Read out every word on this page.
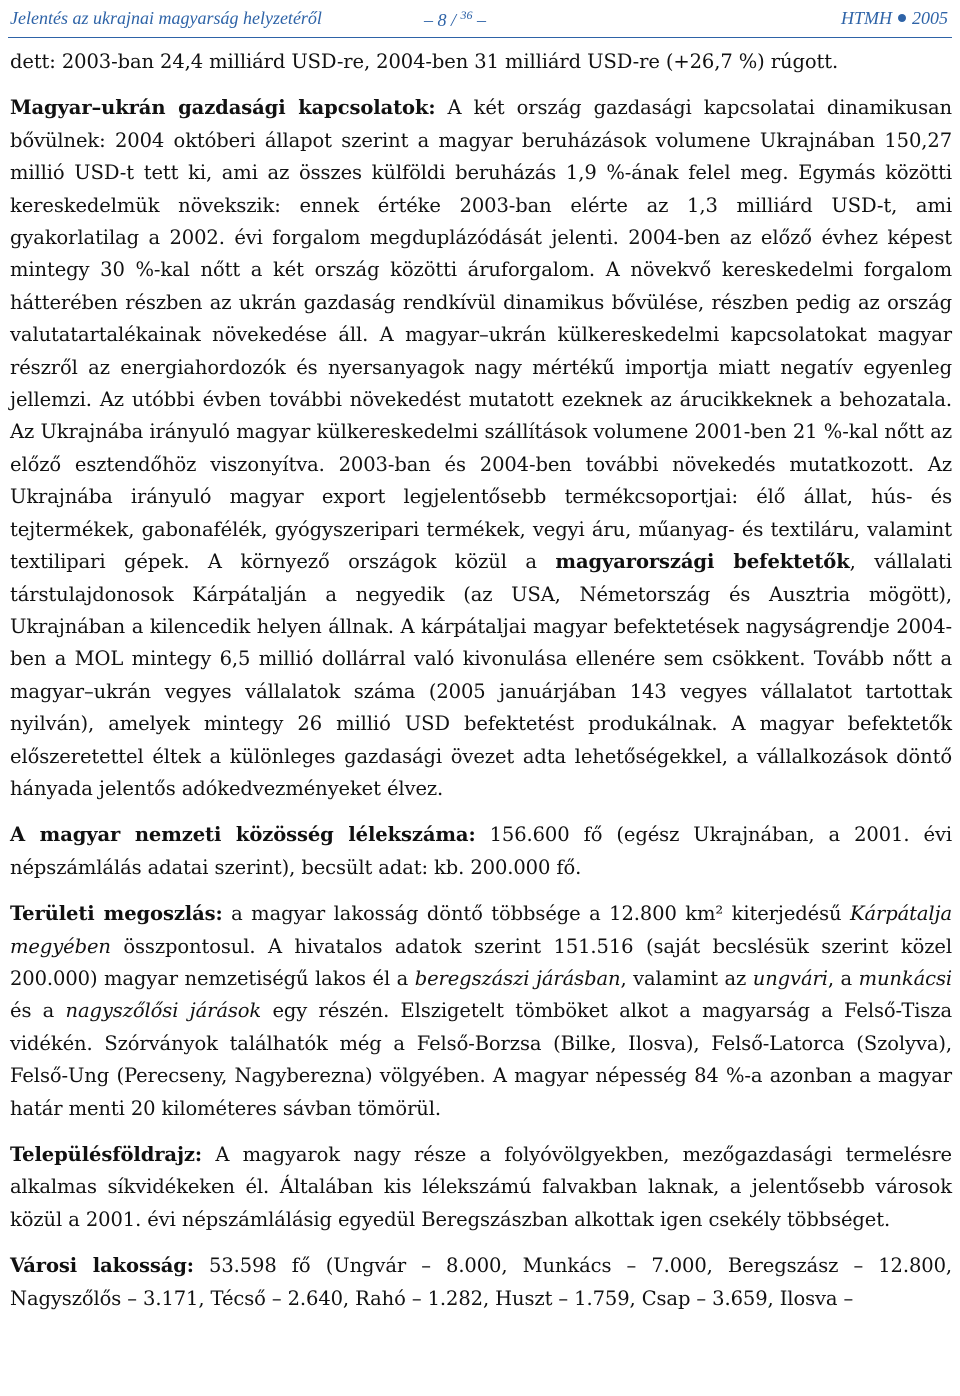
Jelentés az ukrajnai magyarság helyzetéről	– 8 / $^{36}$ –	HTMH 2005

dett: 2003-ban 24,4 milliárd USD-re, 2004-ben 31 milliárd USD-re (+26,7 %) rúgott.

Magyar–ukrán gazdasági kapcsolatok: A két ország gazdasági kapcsolatai dinamikusan bővülnek: 2004 októberi állapot szerint a magyar beruházások volumene Ukrajnában 150,27 millió USD-t tett ki, ami az összes külföldi beruházás 1,9 %-ának felel meg. Egymás közötti kereskedelmük növekszik: ennek értéke 2003-ban elérte az 1,3 milliárd USD-t, ami gyakorlatilag a 2002. évi forgalom megduplázódását jelenti. 2004-ben az előző évhez képest mintegy 30 %-kal nőtt a két ország közötti áruforgalom. A növekvő kereskedelmi forgalom hátterében részben az ukrán gazdaság rendkívül dinamikus bővülése, részben pedig az ország valutatartalékainak növekedése áll. A magyar–ukrán külkereskedelmi kapcsolatokat magyar részről az energiahordozók és nyersanyagok nagy mértékű importja miatt negatív egyenleg jellemzi. Az utóbbi évben további növekedést mutatott ezeknek az árucikkeknek a behozatala. Az Ukrajnába irányuló magyar külkereskedelmi szállítások volumene 2001-ben 21 %-kal nőtt az előző esztendőhöz viszonyítva. 2003-ban és 2004-ben további növekedés mutatkozott. Az Ukrajnába irányuló magyar export legjelentősebb termékcsoportjai: élő állat, hús- és tejtermékek, gabonafélék, gyógyszeripari termékek, vegyi áru, műanyag- és textiláru, valamint textilipari gépek. A környező országok közül a magyarországi befektetők, vállalati társtulajdonosok Kárpátalján a negyedik (az USA, Németország és Ausztria mögött), Ukrajnában a kilencedik helyen állnak. A kárpátaljai magyar befektetések nagyságrendje 2004-ben a MOL mintegy 6,5 millió dollárral való kivonulása ellenére sem csökkent. Tovább nőtt a magyar–ukrán vegyes vállalatok száma (2005 januárjában 143 vegyes vállalatot tartottak nyilván), amelyek mintegy 26 millió USD befektetést produkálnak. A magyar befektetők előszeretettel éltek a különleges gazdasági övezet adta lehetőségekkel, a vállalkozások döntő hányada jelentős adókedvezményeket élvez.

A magyar nemzeti közösség lélekszáma: 156.600 fő (egész Ukrajnában, a 2001. évi népszámlálás adatai szerint), becsült adat: kb. 200.000 fő.

Területi megoszlás: a magyar lakosság döntő többsége a 12.800 km² kiterjedésű Kárpátalja megyében összpontosul. A hivatalos adatok szerint 151.516 (saját becslésük szerint közel 200.000) magyar nemzetiségű lakos él a beregszászi járásban, valamint az ungvári, a munkácsi és a nagyszőlősi járások egy részén. Elszigetelt tömböket alkot a magyarság a Felső-Tisza vidékén. Szórványok találhatók még a Felső-Borzsa (Bilke, Ilosva), Felső-Latorca (Szolyva), Felső-Ung (Perecseny, Nagyberezna) völgyében. A magyar népesség 84 %-a azonban a magyar határ menti 20 kilométeres sávban tömörül.

Településföldrajz: A magyarok nagy része a folyóvölgyekben, mezőgazdasági termelésre alkalmas síkvidékeken él. Általában kis lélekszámú falvakban laknak, a jelentősebb városok közül a 2001. évi népszámlálásig egyedül Beregszászban alkottak igen csekély többséget.

Városi lakosság: 53.598 fő (Ungvár – 8.000, Munkács – 7.000, Beregszász – 12.800, Nagyszőlős – 3.171, Técső – 2.640, Rahó – 1.282, Huszt – 1.759, Csap – 3.659, Ilosva –
